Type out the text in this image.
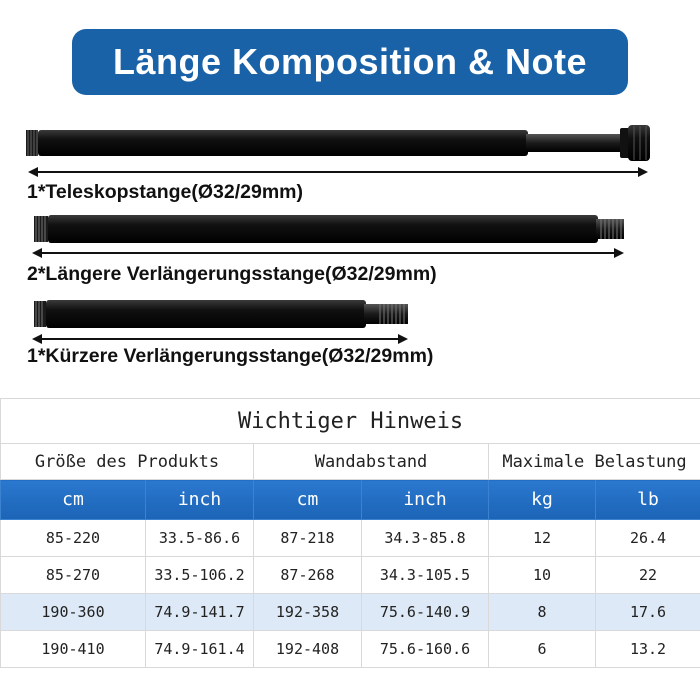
Länge Komposition & Note
1*Teleskopstange(Ø32/29mm)
2*Längere Verlängerungsstange(Ø32/29mm)
1*Kürzere Verlängerungsstange(Ø32/29mm)
Wichtiger Hinweis					
Größe des Produkts		Wandabstand		Maximale Belastung	
cm	inch	cm	inch	kg	lb
85-220	33.5-86.6	87-218	34.3-85.8	12	26.4
85-270	33.5-106.2	87-268	34.3-105.5	10	22
190-360	74.9-141.7	192-358	75.6-140.9	8	17.6
190-410	74.9-161.4	192-408	75.6-160.6	6	13.2
